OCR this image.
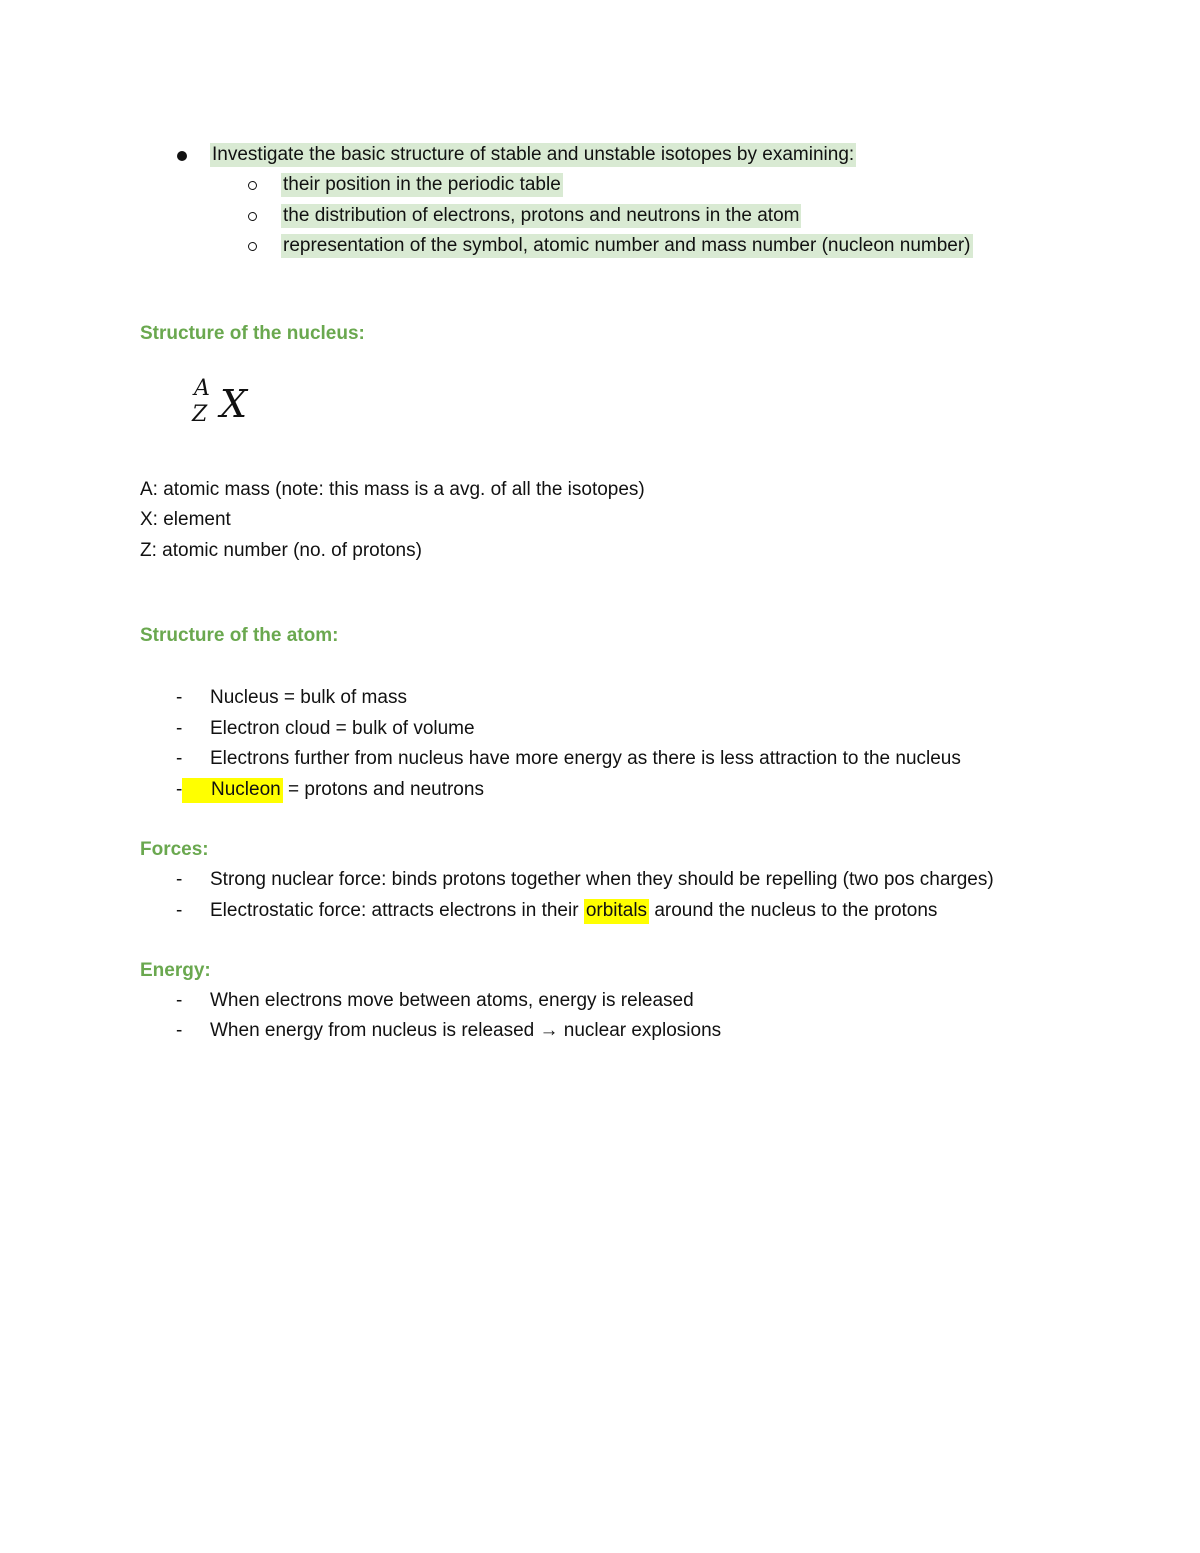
Investigate the basic structure of stable and unstable isotopes by examining:
their position in the periodic table
the distribution of electrons, protons and neutrons in the atom
representation of the symbol, atomic number and mass number (nucleon number)
Structure of the nucleus:
A
Z X
A: atomic mass (note: this mass is a avg. of all the isotopes)
X: element
Z: atomic number (no. of protons)
Structure of the atom:
- Nucleus = bulk of mass
- Electron cloud = bulk of volume
- Electrons further from nucleus have more energy as there is less attraction to the nucleus
-	Nucleon = protons and neutrons
Forces:
- Strong nuclear force: binds protons together when they should be repelling (two pos charges)
- Electrostatic force: attracts electrons in their orbitals around the nucleus to the protons
Energy:
- When electrons move between atoms, energy is released
- When energy from nucleus is released → nuclear explosions
